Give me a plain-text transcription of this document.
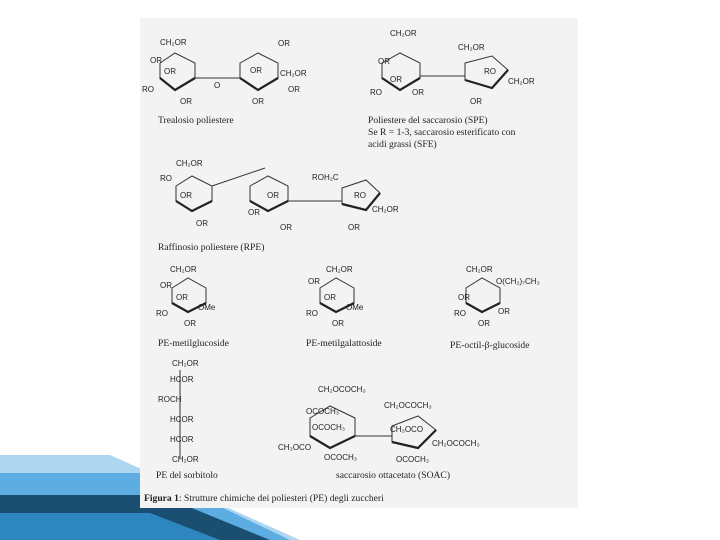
CH₂OR
OR
OR
RO
OR
O
OR
OR CH₂OR
OR
OR
Trealosio poliestere
CH₂OR
OR
OR
RO	OR
CH₂OR
RO
CH₂OR
OR
Poliestere del saccarosio (SPE)
Se R = 1-3, saccarosio esterificato con
acidi grassi (SFE)
CH₂OR
RO
OR
OR
OR
OR
OR
ROH₂C
RO
CH₂OR
OR
Raffinosio poliestere (RPE)
CH₂OR
OR
OR
RO
OMe
OR
PE-metilglucoside
CH₂OR
OR
OR
RO
OMe
OR
PE-metilgalattoside
CH₂OR
O(CH₂)₇CH₃
OR
RO	OR
OR
PE-octil-β-glucoside
CH₂OR
HCOR
ROCH
HCOR
HCOR
CH₂OR
PE del sorbitolo
CH₂OCOCH₃
OCOCH₃
OCOCH₃
CH₃OCO
OCOCH₃
CH₂OCOCH₃
CH₃OCO
CH₂OCOCH₃
OCOCH₃
saccarosio ottacetato (SOAC)
Figura 1: Strutture chimiche dei poliesteri (PE) degli zuccheri
